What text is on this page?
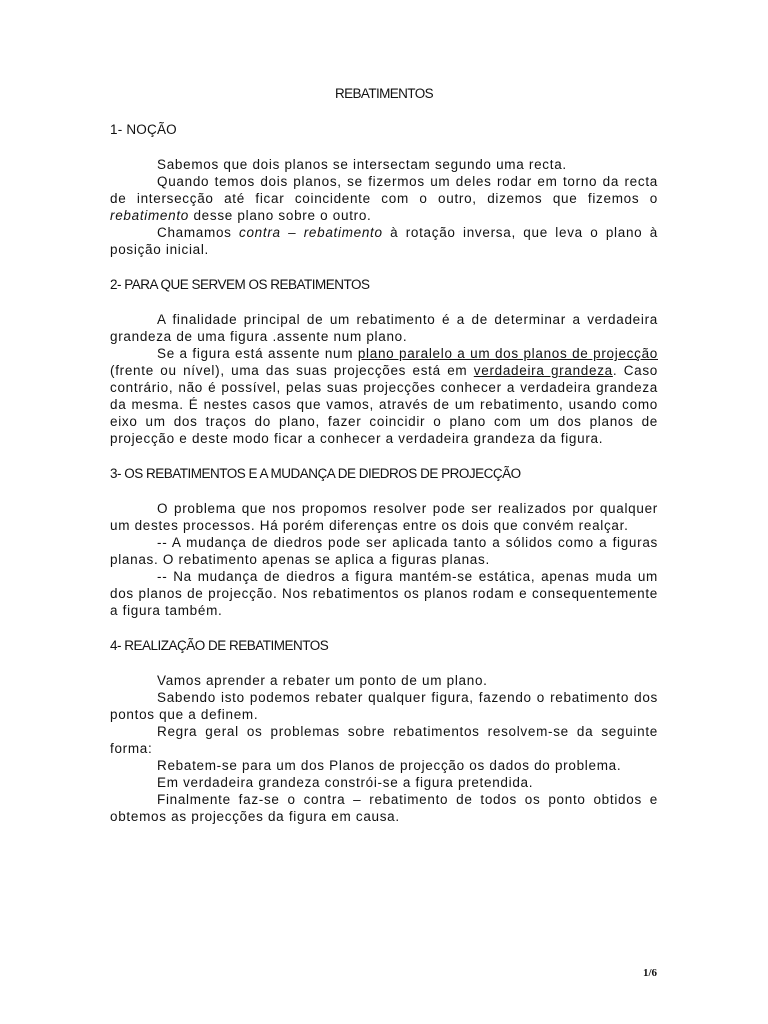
REBATIMENTOS
1- NOÇÃO

Sabemos que dois planos se intersectam segundo uma recta.

Quando temos dois planos, se fizermos um deles rodar em torno da recta de intersecção até ficar coincidente com o outro, dizemos que fizemos o rebatimento desse plano sobre o outro.

Chamamos contra – rebatimento à rotação inversa, que leva o plano à posição inicial.

2- PARA QUE SERVEM OS REBATIMENTOS

A finalidade principal de um rebatimento é a de determinar a verdadeira grandeza de uma figura .assente num plano.

Se a figura está assente num plano paralelo a um dos planos de projecção (frente ou nível), uma das suas projecções está em verdadeira grandeza. Caso contrário, não é possível, pelas suas projecções conhecer a verdadeira grandeza da mesma. É nestes casos que vamos, através de um rebatimento, usando como eixo um dos traços do plano, fazer coincidir o plano com um dos planos de projecção e deste modo ficar a conhecer a verdadeira grandeza da figura.

3- OS REBATIMENTOS E A MUDANÇA DE DIEDROS DE PROJECÇÃO

O problema que nos propomos resolver pode ser realizados por qualquer um destes processos. Há porém diferenças entre os dois que convém realçar.

-- A mudança de diedros pode ser aplicada tanto a sólidos como a figuras planas. O rebatimento apenas se aplica a figuras planas.

-- Na mudança de diedros a figura mantém-se estática, apenas muda um dos planos de projecção. Nos rebatimentos os planos rodam e consequentemente a figura também.

4- REALIZAÇÃO DE REBATIMENTOS

Vamos aprender a rebater um ponto de um plano.

Sabendo isto podemos rebater qualquer figura, fazendo o rebatimento dos pontos que a definem.

Regra geral os problemas sobre rebatimentos resolvem-se da seguinte forma:

Rebatem-se para um dos Planos de projecção os dados do problema.

Em verdadeira grandeza constrói-se a figura pretendida.

Finalmente faz-se o contra – rebatimento de todos os ponto obtidos e obtemos as projecções da figura em causa.

1/6
